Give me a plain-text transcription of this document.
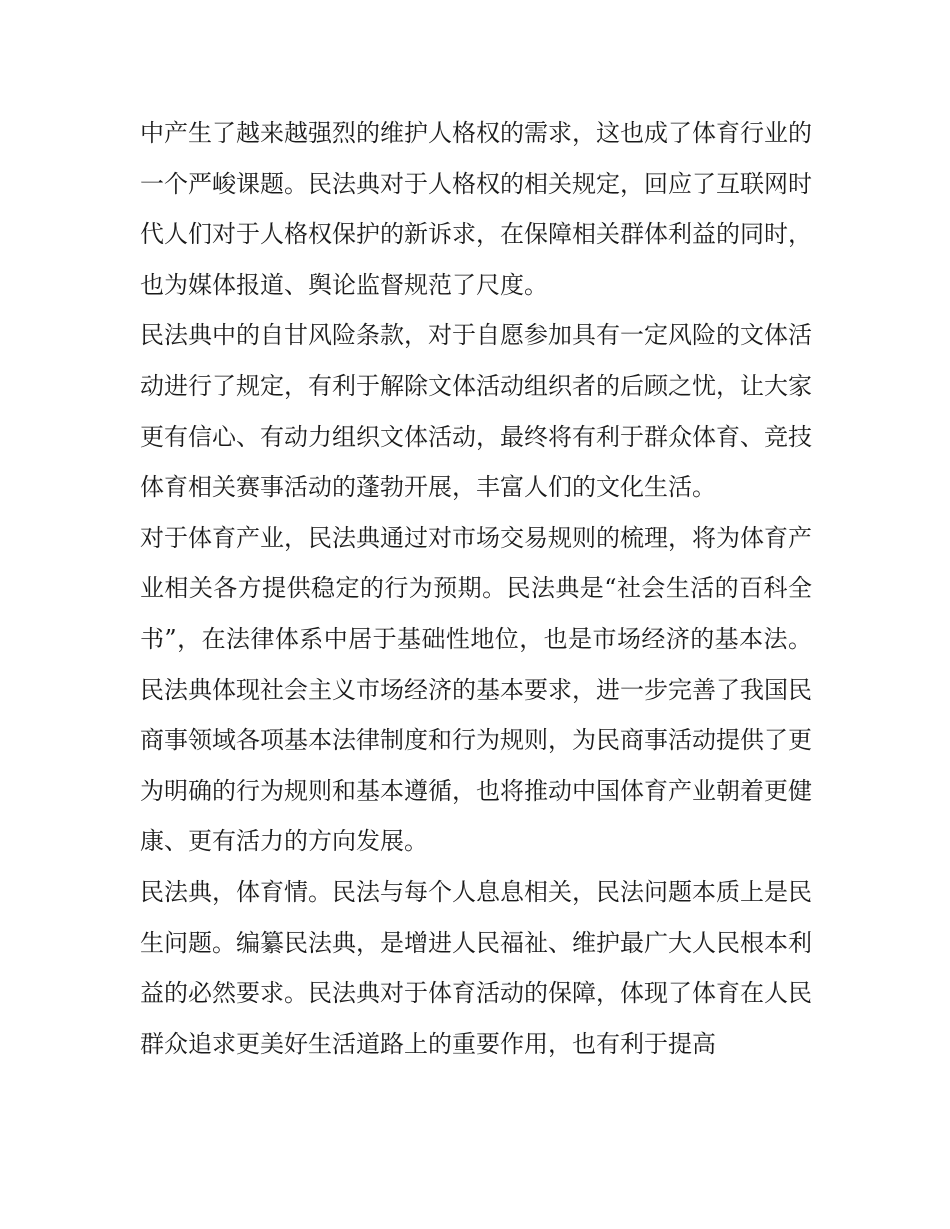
中产生了越来越强烈的维护人格权的需求，这也成了体育行业的一个严峻课题。民法典对于人格权的相关规定，回应了互联网时代人们对于人格权保护的新诉求，在保障相关群体利益的同时，也为媒体报道、舆论监督规范了尺度。

民法典中的自甘风险条款，对于自愿参加具有一定风险的文体活动进行了规定，有利于解除文体活动组织者的后顾之忧，让大家更有信心、有动力组织文体活动，最终将有利于群众体育、竞技体育相关赛事活动的蓬勃开展，丰富人们的文化生活。

对于体育产业，民法典通过对市场交易规则的梳理，将为体育产业相关各方提供稳定的行为预期。民法典是“社会生活的百科全书”，在法律体系中居于基础性地位，也是市场经济的基本法。民法典体现社会主义市场经济的基本要求，进一步完善了我国民商事领域各项基本法律制度和行为规则，为民商事活动提供了更为明确的行为规则和基本遵循，也将推动中国体育产业朝着更健康、更有活力的方向发展。

民法典，体育情。民法与每个人息息相关，民法问题本质上是民生问题。编纂民法典，是增进人民福祉、维护最广大人民根本利益的必然要求。民法典对于体育活动的保障，体现了体育在人民群众追求更美好生活道路上的重要作用，也有利于提高
